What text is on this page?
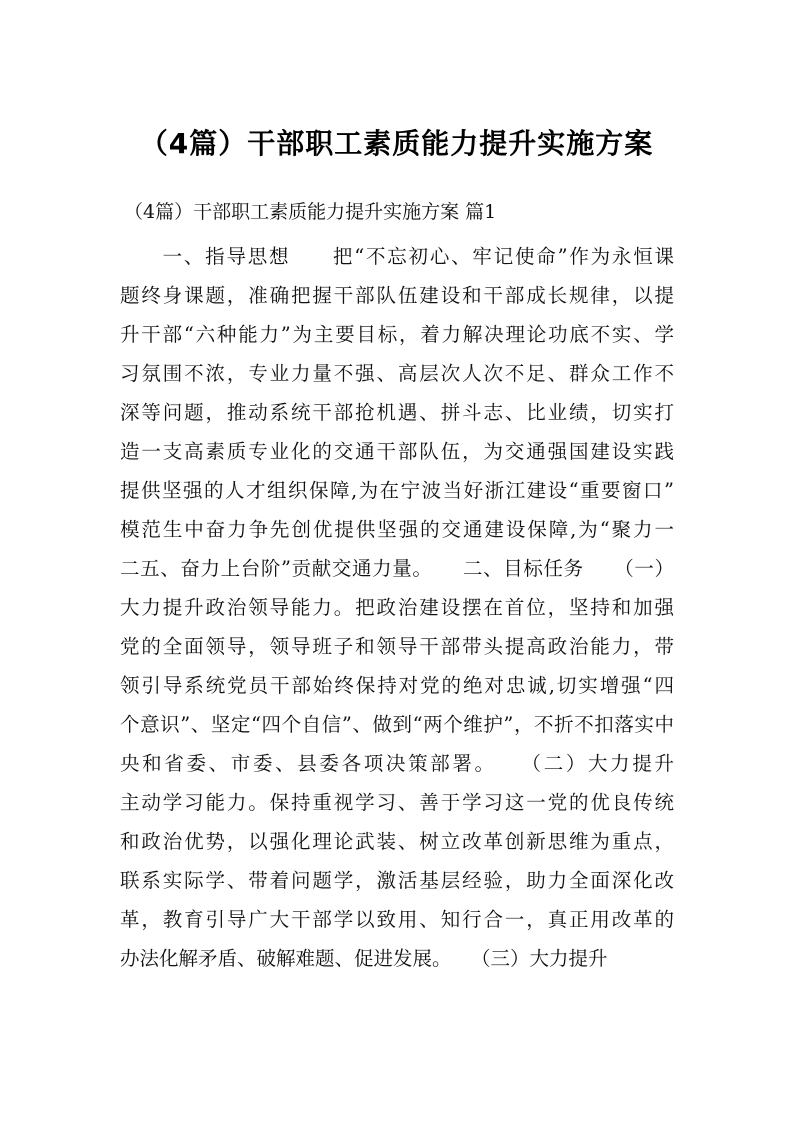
（4篇）干部职工素质能力提升实施方案

（4篇）干部职工素质能力提升实施方案 篇1

　　一、指导思想　　把“不忘初心、牢记使命”作为永恒课
题终身课题，准确把握干部队伍建设和干部成长规律，以提
升干部“六种能力”为主要目标，着力解决理论功底不实、学
习氛围不浓，专业力量不强、高层次人次不足、群众工作不
深等问题，推动系统干部抢机遇、拼斗志、比业绩，切实打
造一支高素质专业化的交通干部队伍，为交通强国建设实践
提供坚强的人才组织保障,为在宁波当好浙江建设“重要窗口”
模范生中奋力争先创优提供坚强的交通建设保障,为“聚力一
二五、奋力上台阶”贡献交通力量。　　二、目标任务　　（一）
大力提升政治领导能力。把政治建设摆在首位，坚持和加强
党的全面领导，领导班子和领导干部带头提高政治能力，带
领引导系统党员干部始终保持对党的绝对忠诚,切实增强“四
个意识”、坚定“四个自信”、做到“两个维护”，不折不扣落实中
央和省委、市委、县委各项决策部署。　　（二）大力提升
主动学习能力。保持重视学习、善于学习这一党的优良传统
和政治优势，以强化理论武装、树立改革创新思维为重点，
联系实际学、带着问题学，激活基层经验，助力全面深化改
革，教育引导广大干部学以致用、知行合一，真正用改革的
办法化解矛盾、破解难题、促进发展。　　（三）大力提升
